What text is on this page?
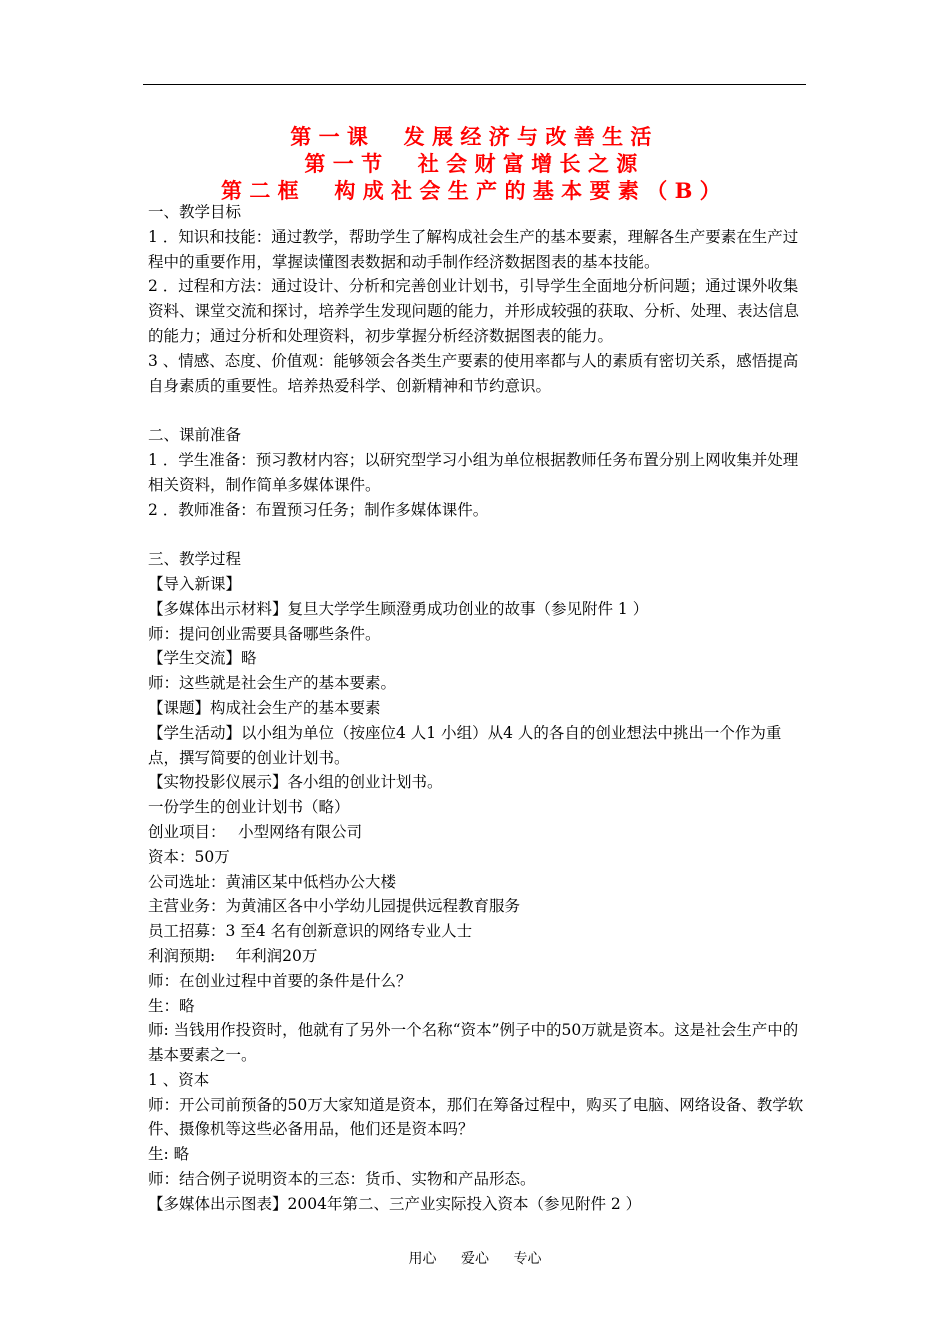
第一课　发展经济与改善生活
第一节　社会财富增长之源
第二框　构成社会生产的基本要素（B）

一、教学目标

1 ．知识和技能：通过教学，帮助学生了解构成社会生产的基本要素，理解各生产要素在生产过程中的重要作用，掌握读懂图表数据和动手制作经济数据图表的基本技能。

2 ．过程和方法：通过设计、分析和完善创业计划书，引导学生全面地分析问题；通过课外收集资料、课堂交流和探讨，培养学生发现问题的能力，并形成较强的获取、分析、处理、表达信息的能力；通过分析和处理资料，初步掌握分析经济数据图表的能力。

3 、情感、态度、价值观：能够领会各类生产要素的使用率都与人的素质有密切关系，感悟提高自身素质的重要性。培养热爱科学、创新精神和节约意识。

二、课前准备

1 ．学生准备：预习教材内容；以研究型学习小组为单位根据教师任务布置分别上网收集并处理相关资料，制作简单多媒体课件。

2 ．教师准备：布置预习任务；制作多媒体课件。

三、教学过程

【导入新课】

【多媒体出示材料】复旦大学学生顾澄勇成功创业的故事（参见附件 1 ）

师：提问创业需要具备哪些条件。

【学生交流】略

师：这些就是社会生产的基本要素。

【课题】构成社会生产的基本要素

【学生活动】以小组为单位（按座位4 人1 小组）从4 人的各自的创业想法中挑出一个作为重点，撰写简要的创业计划书。

【实物投影仪展示】各小组的创业计划书。

一份学生的创业计划书（略）

创业项目：　 小型网络有限公司

资本：50万

公司选址：黄浦区某中低档办公大楼

主营业务：为黄浦区各中小学幼儿园提供远程教育服务

员工招募：3 至4 名有创新意识的网络专业人士

利润预期:　 年利润20万

师：在创业过程中首要的条件是什么？

生：略

师: 当钱用作投资时，他就有了另外一个名称“资本”例子中的50万就是资本。这是社会生产中的基本要素之一。

1 、资本

师：开公司前预备的50万大家知道是资本，那们在筹备过程中，购买了电脑、网络设备、教学软件、摄像机等这些必备用品，他们还是资本吗？

生: 略

师：结合例子说明资本的三态：货币、实物和产品形态。

【多媒体出示图表】2004年第二、三产业实际投入资本（参见附件 2 ）

用心 爱心 专心
